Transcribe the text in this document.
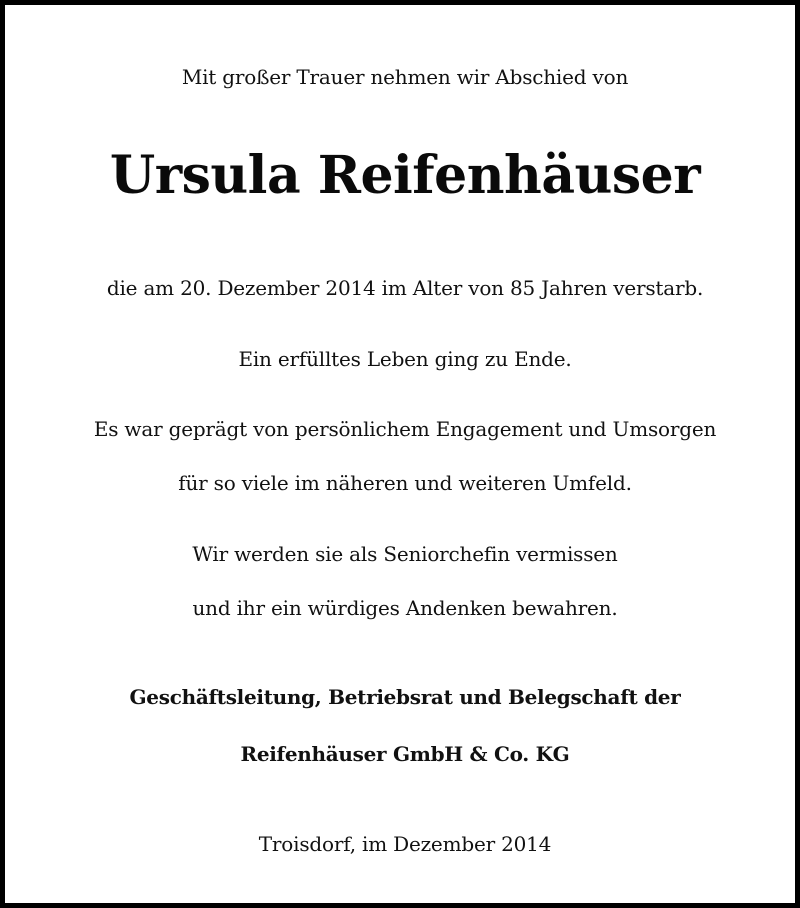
Mit großer Trauer nehmen wir Abschied von
Ursula Reifenhäuser
die am 20. Dezember 2014 im Alter von 85 Jahren verstarb.
Ein erfülltes Leben ging zu Ende.
Es war geprägt von persönlichem Engagement und Umsorgen
für so viele im näheren und weiteren Umfeld.
Wir werden sie als Seniorchefin vermissen
und ihr ein würdiges Andenken bewahren.
Geschäftsleitung, Betriebsrat und Belegschaft der
Reifenhäuser GmbH & Co. KG
Troisdorf, im Dezember 2014
